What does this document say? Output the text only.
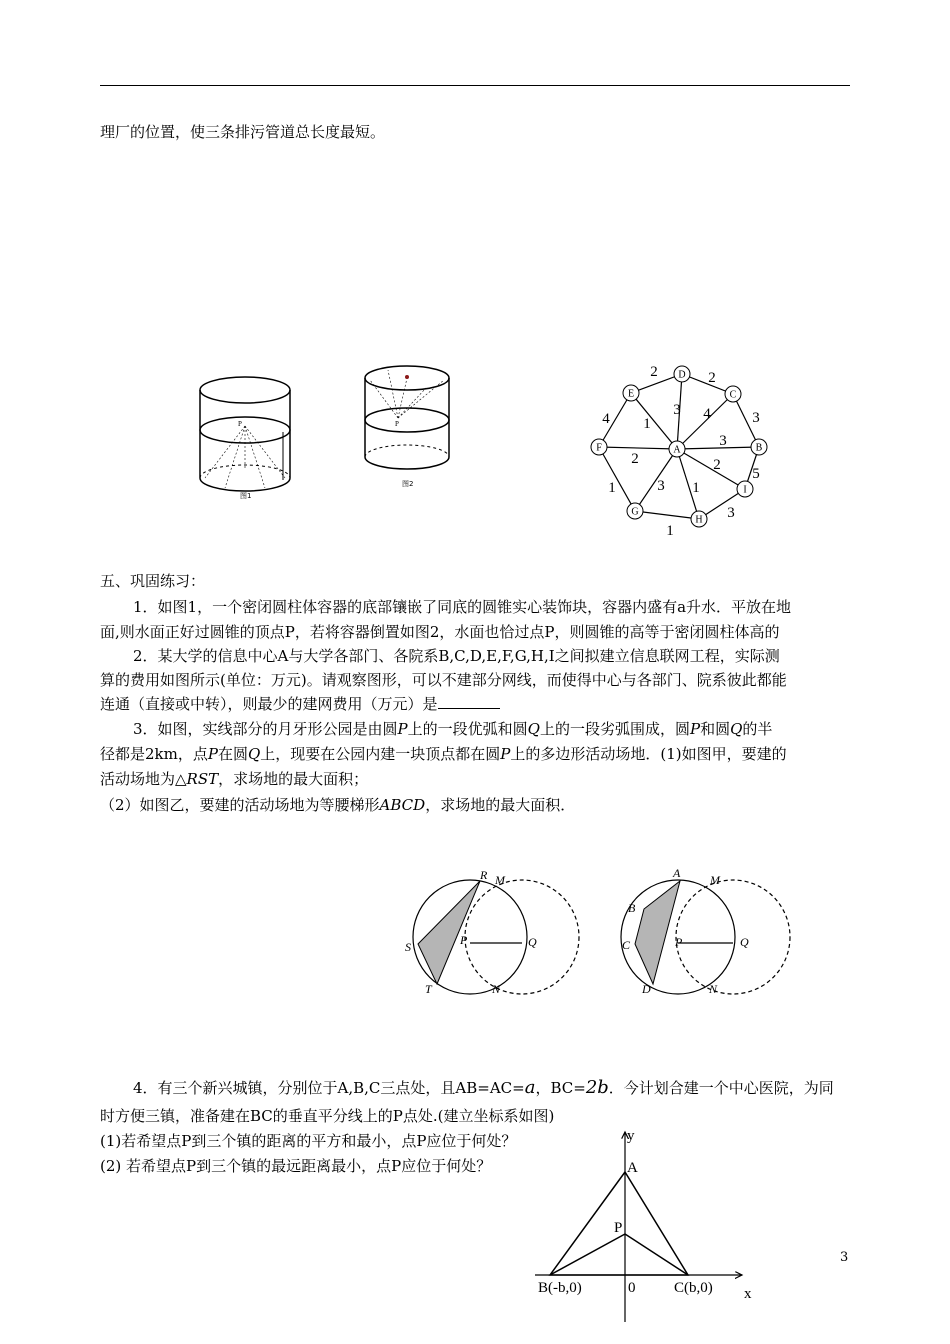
理厂的位置，使三条排污管道总长度最短。
P
图1
P
图2
2	2
3
5
3
1
1
4
3 4
3
2
1
3
2
1
A	B
C
D
E
F
G
H
I
五、巩固练习：
1．如图1，一个密闭圆柱体容器的底部镶嵌了同底的圆锥实心装饰块，容器内盛有a升水．平放在地
面,则水面正好过圆锥的顶点P，若将容器倒置如图2，水面也恰过点P，则圆锥的高等于密闭圆柱体高的
2．某大学的信息中心A与大学各部门、各院系B,C,D,E,F,G,H,I之间拟建立信息联网工程，实际测
算的费用如图所示(单位：万元)。请观察图形，可以不建部分网线，而使得中心与各部门、院系彼此都能
连通（直接或中转），则最少的建网费用（万元）是
3．如图，实线部分的月牙形公园是由圆P上的一段优弧和圆Q上的一段劣弧围成，圆P和圆Q的半
径都是2km，点P在圆Q上，现要在公园内建一块顶点都在圆P上的多边形活动场地．(1)如图甲，要建的
活动场地为△RST，求场地的最大面积；
（2）如图乙，要建的活动场地为等腰梯形ABCD，求场地的最大面积．
R M
S	P	Q
T	N
A M
B
C	P	Q
D	N
4．有三个新兴城镇，分别位于A,B,C三点处，且AB=AC=a，BC=2b．今计划合建一个中心医院，为同
时方便三镇，准备建在BC的垂直平分线上的P点处.(建立坐标系如图)
(1)若希望点P到三个镇的距离的平方和最小，点P应位于何处？
(2) 若希望点P到三个镇的最远距离最小，点P应位于何处？
y
A
P
B(-b,0)	0	C(b,0) x
3
